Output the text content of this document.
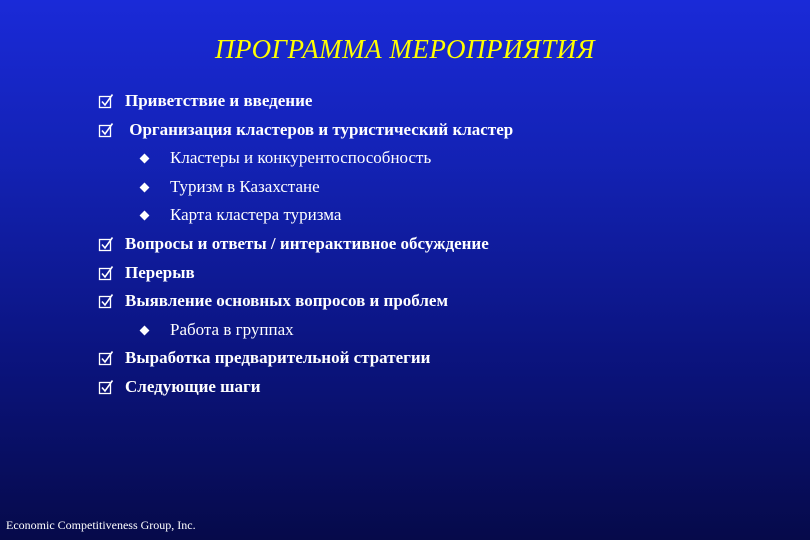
ПРОГРАММА МЕРОПРИЯТИЯ
Приветствие и введение
Организация кластеров и туристический кластер
Кластеры и конкурентоспособность
Туризм в Казахстане
Карта кластера туризма
Вопросы и ответы / интерактивное обсуждение
Перерыв
Выявление основных вопросов и проблем
Работа в группах
Выработка предварительной стратегии
Следующие шаги
Economic Competitiveness Group, Inc.
